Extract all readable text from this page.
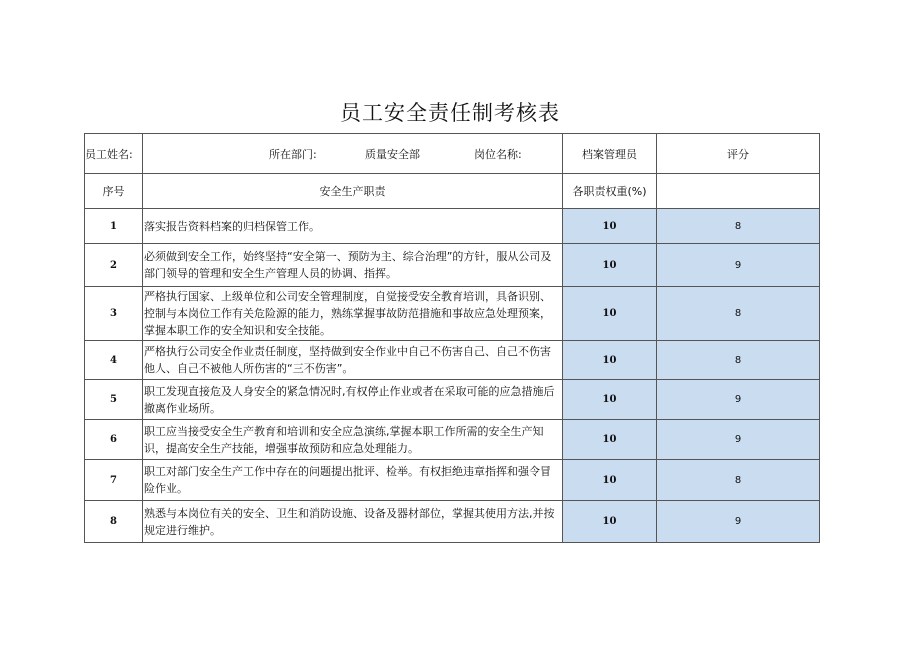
员工安全责任制考核表
员工姓名:	所在部门: 质量安全部 岗位名称:	档案管理员	评分
序号	安全生产职责	各职责权重(%)	
1	落实报告资料档案的归档保管工作。	10	8
2	必须做到安全工作，始终坚持“安全第一、预防为主、综合治理”的方针，服从公司及部门领导的管理和安全生产管理人员的协调、指挥。	10	9
3	严格执行国家、上级单位和公司安全管理制度，自觉接受安全教育培训，具备识别、控制与本岗位工作有关危险源的能力，熟练掌握事故防范措施和事故应急处理预案，掌握本职工作的安全知识和安全技能。	10	8
4	严格执行公司安全作业责任制度，坚持做到安全作业中自己不伤害自己、自己不伤害他人、自己不被他人所伤害的“三不伤害”。	10	8
5	职工发现直接危及人身安全的紧急情况时,有权停止作业或者在采取可能的应急措施后撤离作业场所。	10	9
6	职工应当接受安全生产教育和培训和安全应急演练,掌握本职工作所需的安全生产知识，提高安全生产技能，增强事故预防和应急处理能力。	10	9
7	职工对部门安全生产工作中存在的问题提出批评、检举。有权拒绝违章指挥和强令冒险作业。	10	8
8	熟悉与本岗位有关的安全、卫生和消防设施、设备及器材部位，掌握其使用方法,并按规定进行维护。	10	9
